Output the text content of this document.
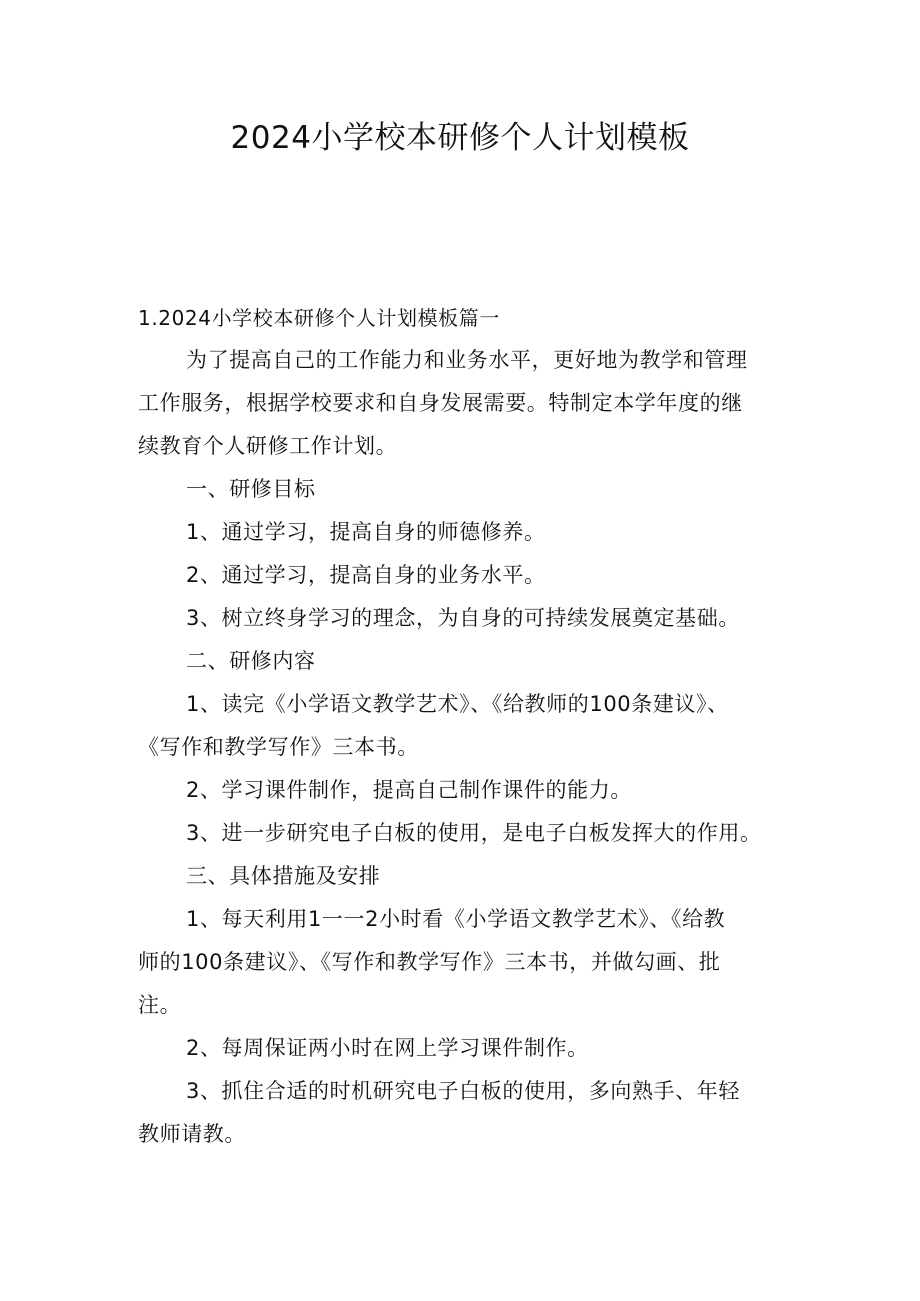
2024小学校本研修个人计划模板

1.2024小学校本研修个人计划模板篇一

为了提高自己的工作能力和业务水平，更好地为教学和管理

工作服务，根据学校要求和自身发展需要。特制定本学年度的继

续教育个人研修工作计划。

一、研修目标

1、通过学习，提高自身的师德修养。

2、通过学习，提高自身的业务水平。

3、树立终身学习的理念，为自身的可持续发展奠定基础。

二、研修内容

1、读完《小学语文教学艺术》、《给教师的100条建议》、

《写作和教学写作》三本书。

2、学习课件制作，提高自己制作课件的能力。

3、进一步研究电子白板的使用，是电子白板发挥大的作用。

三、具体措施及安排

1、每天利用1一一2小时看《小学语文教学艺术》、《给教

师的100条建议》、《写作和教学写作》三本书，并做勾画、批

注。

2、每周保证两小时在网上学习课件制作。

3、抓住合适的时机研究电子白板的使用，多向熟手、年轻

教师请教。
